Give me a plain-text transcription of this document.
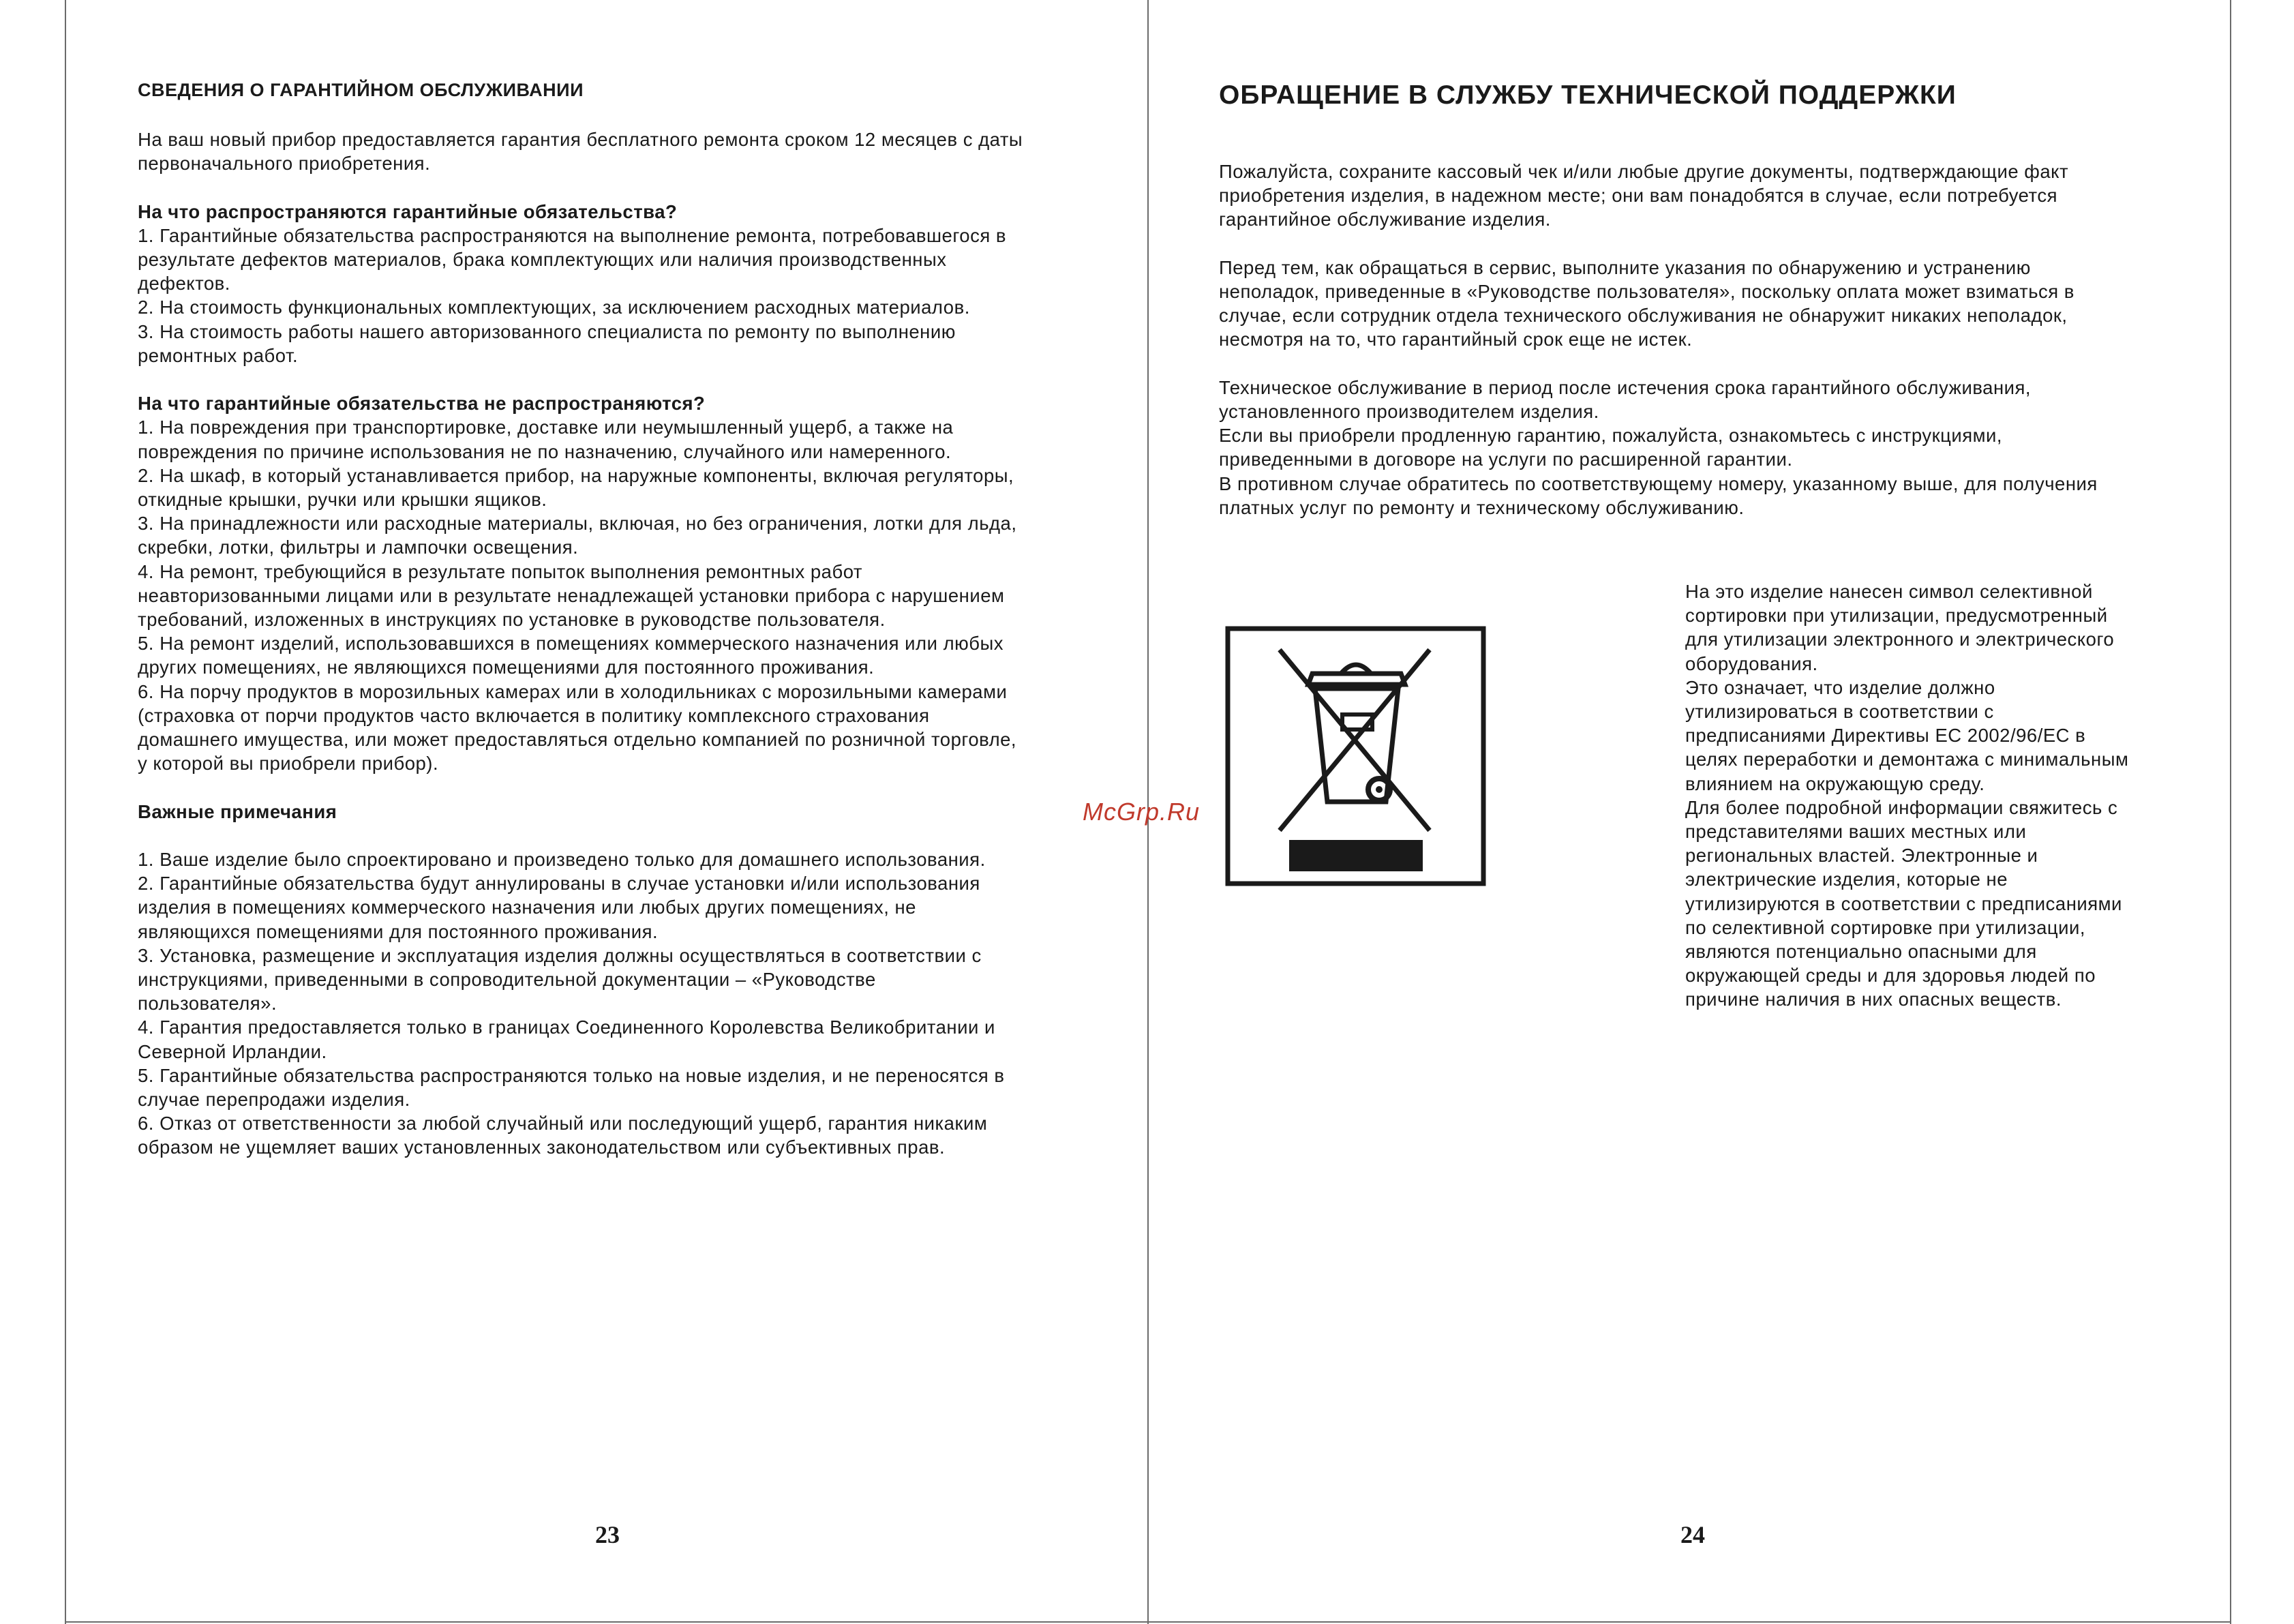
СВЕДЕНИЯ О ГАРАНТИЙНОМ ОБСЛУЖИВАНИИ
На ваш новый прибор предоставляется гарантия бесплатного ремонта сроком 12 месяцев с даты
первоначального приобретения.
На что распространяются гарантийные обязательства?
1. Гарантийные обязательства распространяются на выполнение ремонта, потребовавшегося в
результате дефектов материалов, брака комплектующих или наличия производственных
дефектов.
2. На стоимость функциональных комплектующих, за исключением расходных материалов.
3. На стоимость работы нашего авторизованного специалиста по ремонту по выполнению
ремонтных работ.
На что гарантийные обязательства не распространяются?
1. На повреждения при транспортировке, доставке или неумышленный ущерб, а также на
повреждения по причине использования не по назначению, случайного или намеренного.
2. На шкаф, в который устанавливается прибор, на наружные компоненты, включая регуляторы,
откидные крышки, ручки или крышки ящиков.
3. На принадлежности или расходные материалы, включая, но без ограничения, лотки для льда,
скребки, лотки, фильтры и лампочки освещения.
4. На ремонт, требующийся в результате попыток выполнения ремонтных работ
неавторизованными лицами или в результате ненадлежащей установки прибора с нарушением
требований, изложенных в инструкциях по установке в руководстве пользователя.
5. На ремонт изделий, использовавшихся в помещениях коммерческого назначения или любых
других помещениях, не являющихся помещениями для постоянного проживания.
6. На порчу продуктов в морозильных камерах или в холодильниках с морозильными камерами
(страховка от порчи продуктов часто включается в политику комплексного страхования
домашнего имущества, или может предоставляться отдельно компанией по розничной торговле,
у которой вы приобрели прибор).
Важные примечания
1. Ваше изделие было спроектировано и произведено только для домашнего использования.
2. Гарантийные обязательства будут аннулированы в случае установки и/или использования
изделия в помещениях коммерческого назначения или любых других помещениях, не
являющихся помещениями для постоянного проживания.
3. Установка, размещение и эксплуатация изделия должны осуществляться в соответствии с
инструкциями, приведенными в сопроводительной документации – «Руководстве
пользователя».
4. Гарантия предоставляется только в границах Соединенного Королевства Великобритании и
Северной Ирландии.
5. Гарантийные обязательства распространяются только на новые изделия, и не переносятся в
случае перепродажи изделия.
6. Отказ от ответственности за любой случайный или последующий ущерб, гарантия никаким
образом не ущемляет ваших установленных законодательством или субъективных прав.
23
McGrp.Ru
ОБРАЩЕНИЕ В СЛУЖБУ ТЕХНИЧЕСКОЙ ПОДДЕРЖКИ
Пожалуйста, сохраните кассовый чек и/или любые другие документы, подтверждающие факт
приобретения изделия, в надежном месте; они вам понадобятся в случае, если потребуется
гарантийное обслуживание изделия.
Перед тем, как обращаться в сервис, выполните указания по обнаружению и устранению
неполадок, приведенные в «Руководстве пользователя», поскольку оплата может взиматься в
случае, если сотрудник отдела технического обслуживания не обнаружит никаких неполадок,
несмотря на то, что гарантийный срок еще не истек.
Техническое обслуживание в период после истечения срока гарантийного обслуживания,
установленного производителем изделия.
Если вы приобрели продленную гарантию, пожалуйста, ознакомьтесь с инструкциями,
приведенными в договоре на услуги по расширенной гарантии.
В противном случае обратитесь по соответствующему номеру, указанному выше, для получения
платных услуг по ремонту и техническому обслуживанию.
На это изделие нанесен символ селективной
сортировки при утилизации, предусмотренный
для утилизации электронного и электрического
оборудования.
Это означает, что изделие должно
утилизироваться в соответствии с
предписаниями Директивы ЕС 2002/96/ЕС в
целях переработки и демонтажа с минимальным
влиянием на окружающую среду.
Для более подробной информации свяжитесь с
представителями ваших местных или
региональных властей. Электронные и
электрические изделия, которые не
утилизируются в соответствии с предписаниями
по селективной сортировке при утилизации,
являются потенциально опасными для
окружающей среды и для здоровья людей по
причине наличия в них опасных веществ.
24
